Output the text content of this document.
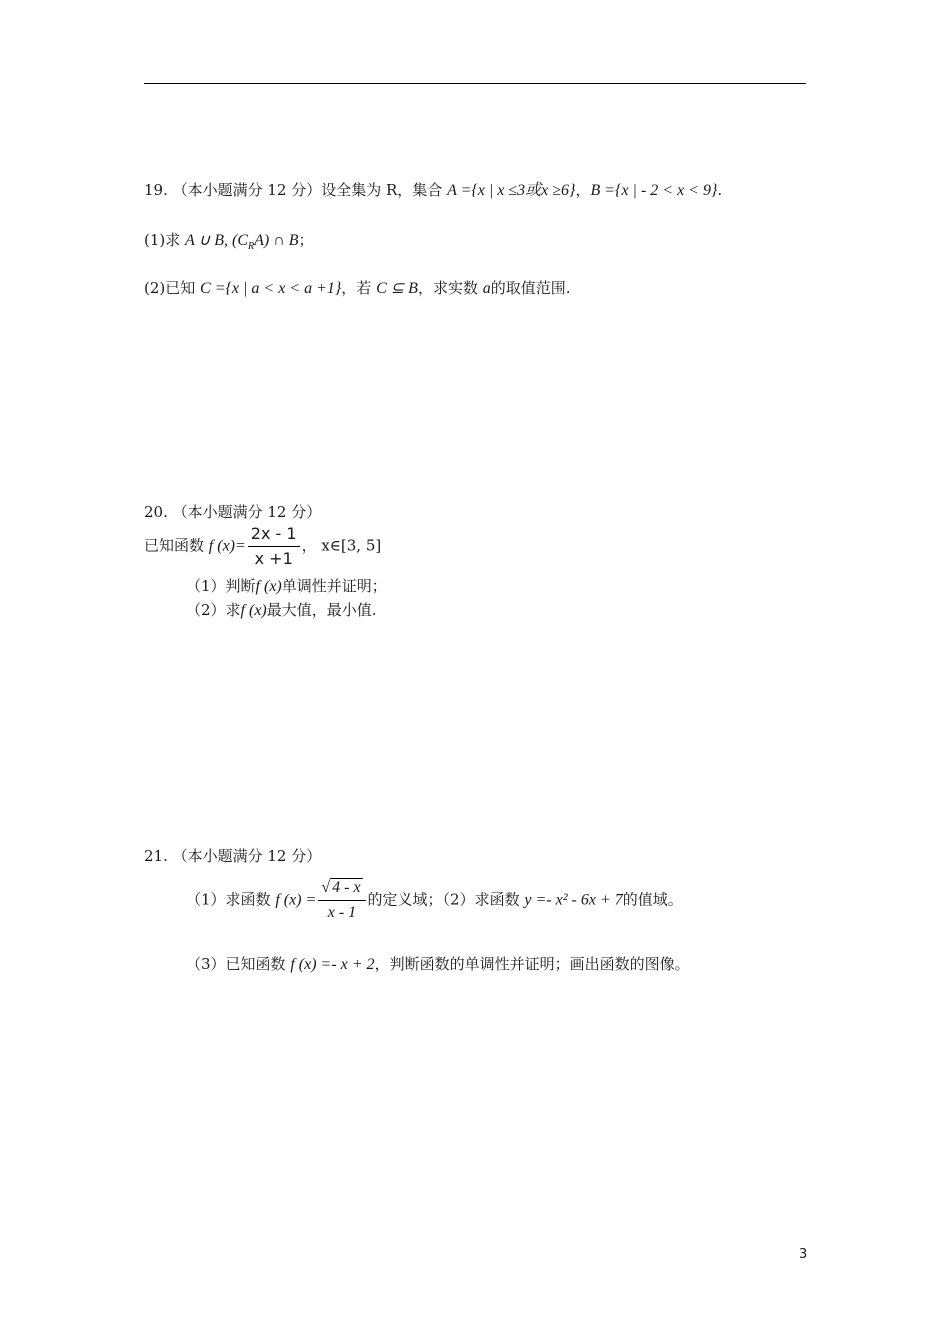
19. （本小题满分 12 分）设全集为 R，集合 A ={x | x ≤3或x ≥6}，B ={x | - 2 < x < 9}.
(1)求 A ∪ B, $(C_RA)$ ∩ B；
(2)已知 C ={x | a < x < a +1}，若 C ⊆ B，求实数 a的取值范围.
20. （本小题满分 12 分）
已知函数 f $(x)= \frac{2x - 1}{x +1}$ ， x∈[3, 5]
（1）判断f (x)单调性并证明；
（2）求f (x)最大值，最小值.
21. （本小题满分 12 分）
（1）求函数 f $(x) = \frac{√ 4 - x}{x - 1}$ 的定义域；（2）求函数 y =- x² - 6x + 7的值域。
（3）已知函数 f (x) =- x + 2，判断函数的单调性并证明；画出函数的图像。
3
